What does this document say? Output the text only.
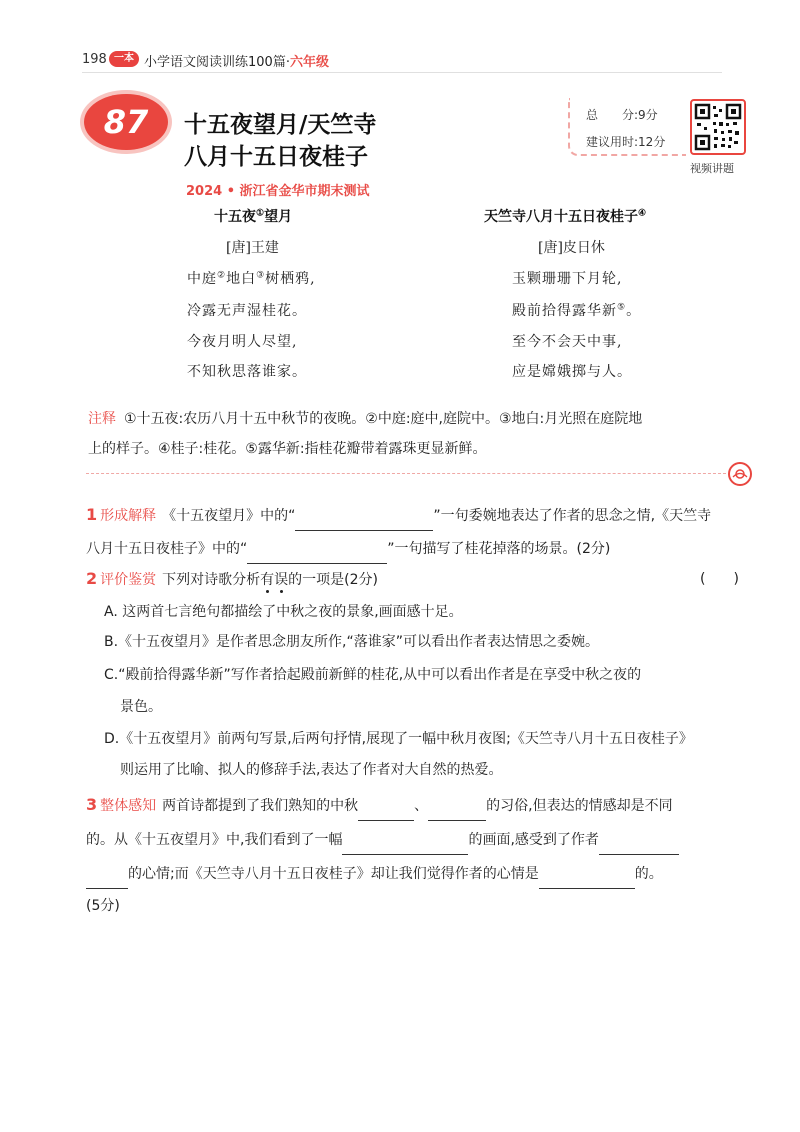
198 一本 小学语文阅读训练100篇·六年级
87	十五夜望月/天竺寺
八月十五日夜桂子
总　　分:9分
建议用时:12分
视频讲题
2024 • 浙江省金华市期末测试
十五夜①望月
[唐]王建
中庭②地白③树栖鸦,
冷露无声湿桂花。
今夜月明人尽望,
不知秋思落谁家。
天竺寺八月十五日夜桂子④
[唐]皮日休
玉颗珊珊下月轮,
殿前拾得露华新⑤。
至今不会天中事,
应是嫦娥掷与人。
注释 ①十五夜:农历八月十五中秋节的夜晚。②中庭:庭中,庭院中。③地白:月光照在庭院地
上的样子。④桂子:桂花。⑤露华新:指桂花瓣带着露珠更显新鲜。
1 形成解释 《十五夜望月》中的“	”一句委婉地表达了作者的思念之情,《天竺寺
八月十五日夜桂子》中的“	”一句描写了桂花掉落的场景。(2分)
2 评价鉴赏 下列对诗歌分析有误的一项是(2分)	(　　)
A. 这两首七言绝句都描绘了中秋之夜的景象,画面感十足。
B.《十五夜望月》是作者思念朋友所作,“落谁家”可以看出作者表达情思之委婉。
C.“殿前拾得露华新”写作者拾起殿前新鲜的桂花,从中可以看出作者是在享受中秋之夜的
景色。
D.《十五夜望月》前两句写景,后两句抒情,展现了一幅中秋月夜图;《天竺寺八月十五日夜桂子》
则运用了比喻、拟人的修辞手法,表达了作者对大自然的热爱。
3 整体感知 两首诗都提到了我们熟知的中秋	、	的习俗,但表达的情感却是不同
的。从《十五夜望月》中,我们看到了一幅	的画面,感受到了作者
的心情;而《天竺寺八月十五日夜桂子》却让我们觉得作者的心情是	的。
(5分)
